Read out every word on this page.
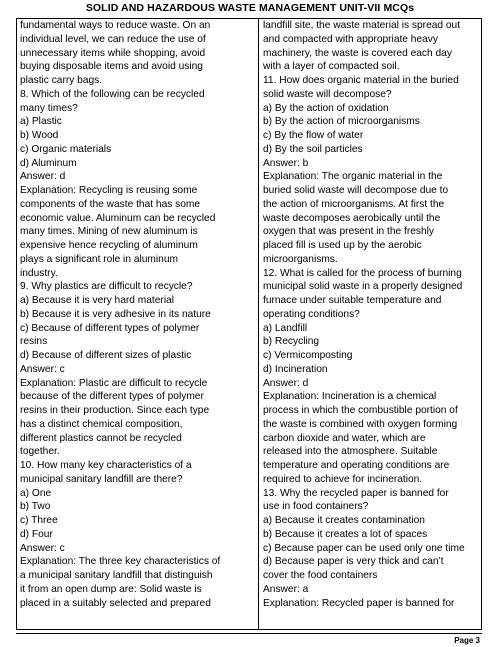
SOLID AND HAZARDOUS WASTE MANAGEMENT UNIT-VII MCQs
fundamental ways to reduce waste. On an
individual level, we can reduce the use of
unnecessary items while shopping, avoid
buying disposable items and avoid using
plastic carry bags.
8. Which of the following can be recycled
many times?
a) Plastic
b) Wood
c) Organic materials
d) Aluminum
Answer: d
Explanation: Recycling is reusing some
components of the waste that has some
economic value. Aluminum can be recycled
many times. Mining of new aluminum is
expensive hence recycling of aluminum
plays a significant role in aluminum
industry.
9. Why plastics are difficult to recycle?
a) Because it is very hard material
b) Because it is very adhesive in its nature
c) Because of different types of polymer
resins
d) Because of different sizes of plastic
Answer: c
Explanation: Plastic are difficult to recycle
because of the different types of polymer
resins in their production. Since each type
has a distinct chemical composition,
different plastics cannot be recycled
together.
10. How many key characteristics of a
municipal sanitary landfill are there?
a) One
b) Two
c) Three
d) Four
Answer: c
Explanation: The three key characteristics of
a municipal sanitary landfill that distinguish
it from an open dump are: Solid waste is
placed in a suitably selected and prepared
landfill site, the waste material is spread out
and compacted with appropriate heavy
machinery, the waste is covered each day
with a layer of compacted soil.
11. How does organic material in the buried
solid waste will decompose?
a) By the action of oxidation
b) By the action of microorganisms
c) By the flow of water
d) By the soil particles
Answer: b
Explanation: The organic material in the
buried solid waste will decompose due to
the action of microorganisms. At first the
waste decomposes aerobically until the
oxygen that was present in the freshly
placed fill is used up by the aerobic
microorganisms.
12. What is called for the process of burning
municipal solid waste in a properly designed
furnace under suitable temperature and
operating conditions?
a) Landfill
b) Recycling
c) Vermicomposting
d) Incineration
Answer: d
Explanation: Incineration is a chemical
process in which the combustible portion of
the waste is combined with oxygen forming
carbon dioxide and water, which are
released into the atmosphere. Suitable
temperature and operating conditions are
required to achieve for incineration.
13. Why the recycled paper is banned for
use in food containers?
a) Because it creates contamination
b) Because it creates a lot of spaces
c) Because paper can be used only one time
d) Because paper is very thick and can’t
cover the food containers
Answer: a
Explanation: Recycled paper is banned for
Page 3
